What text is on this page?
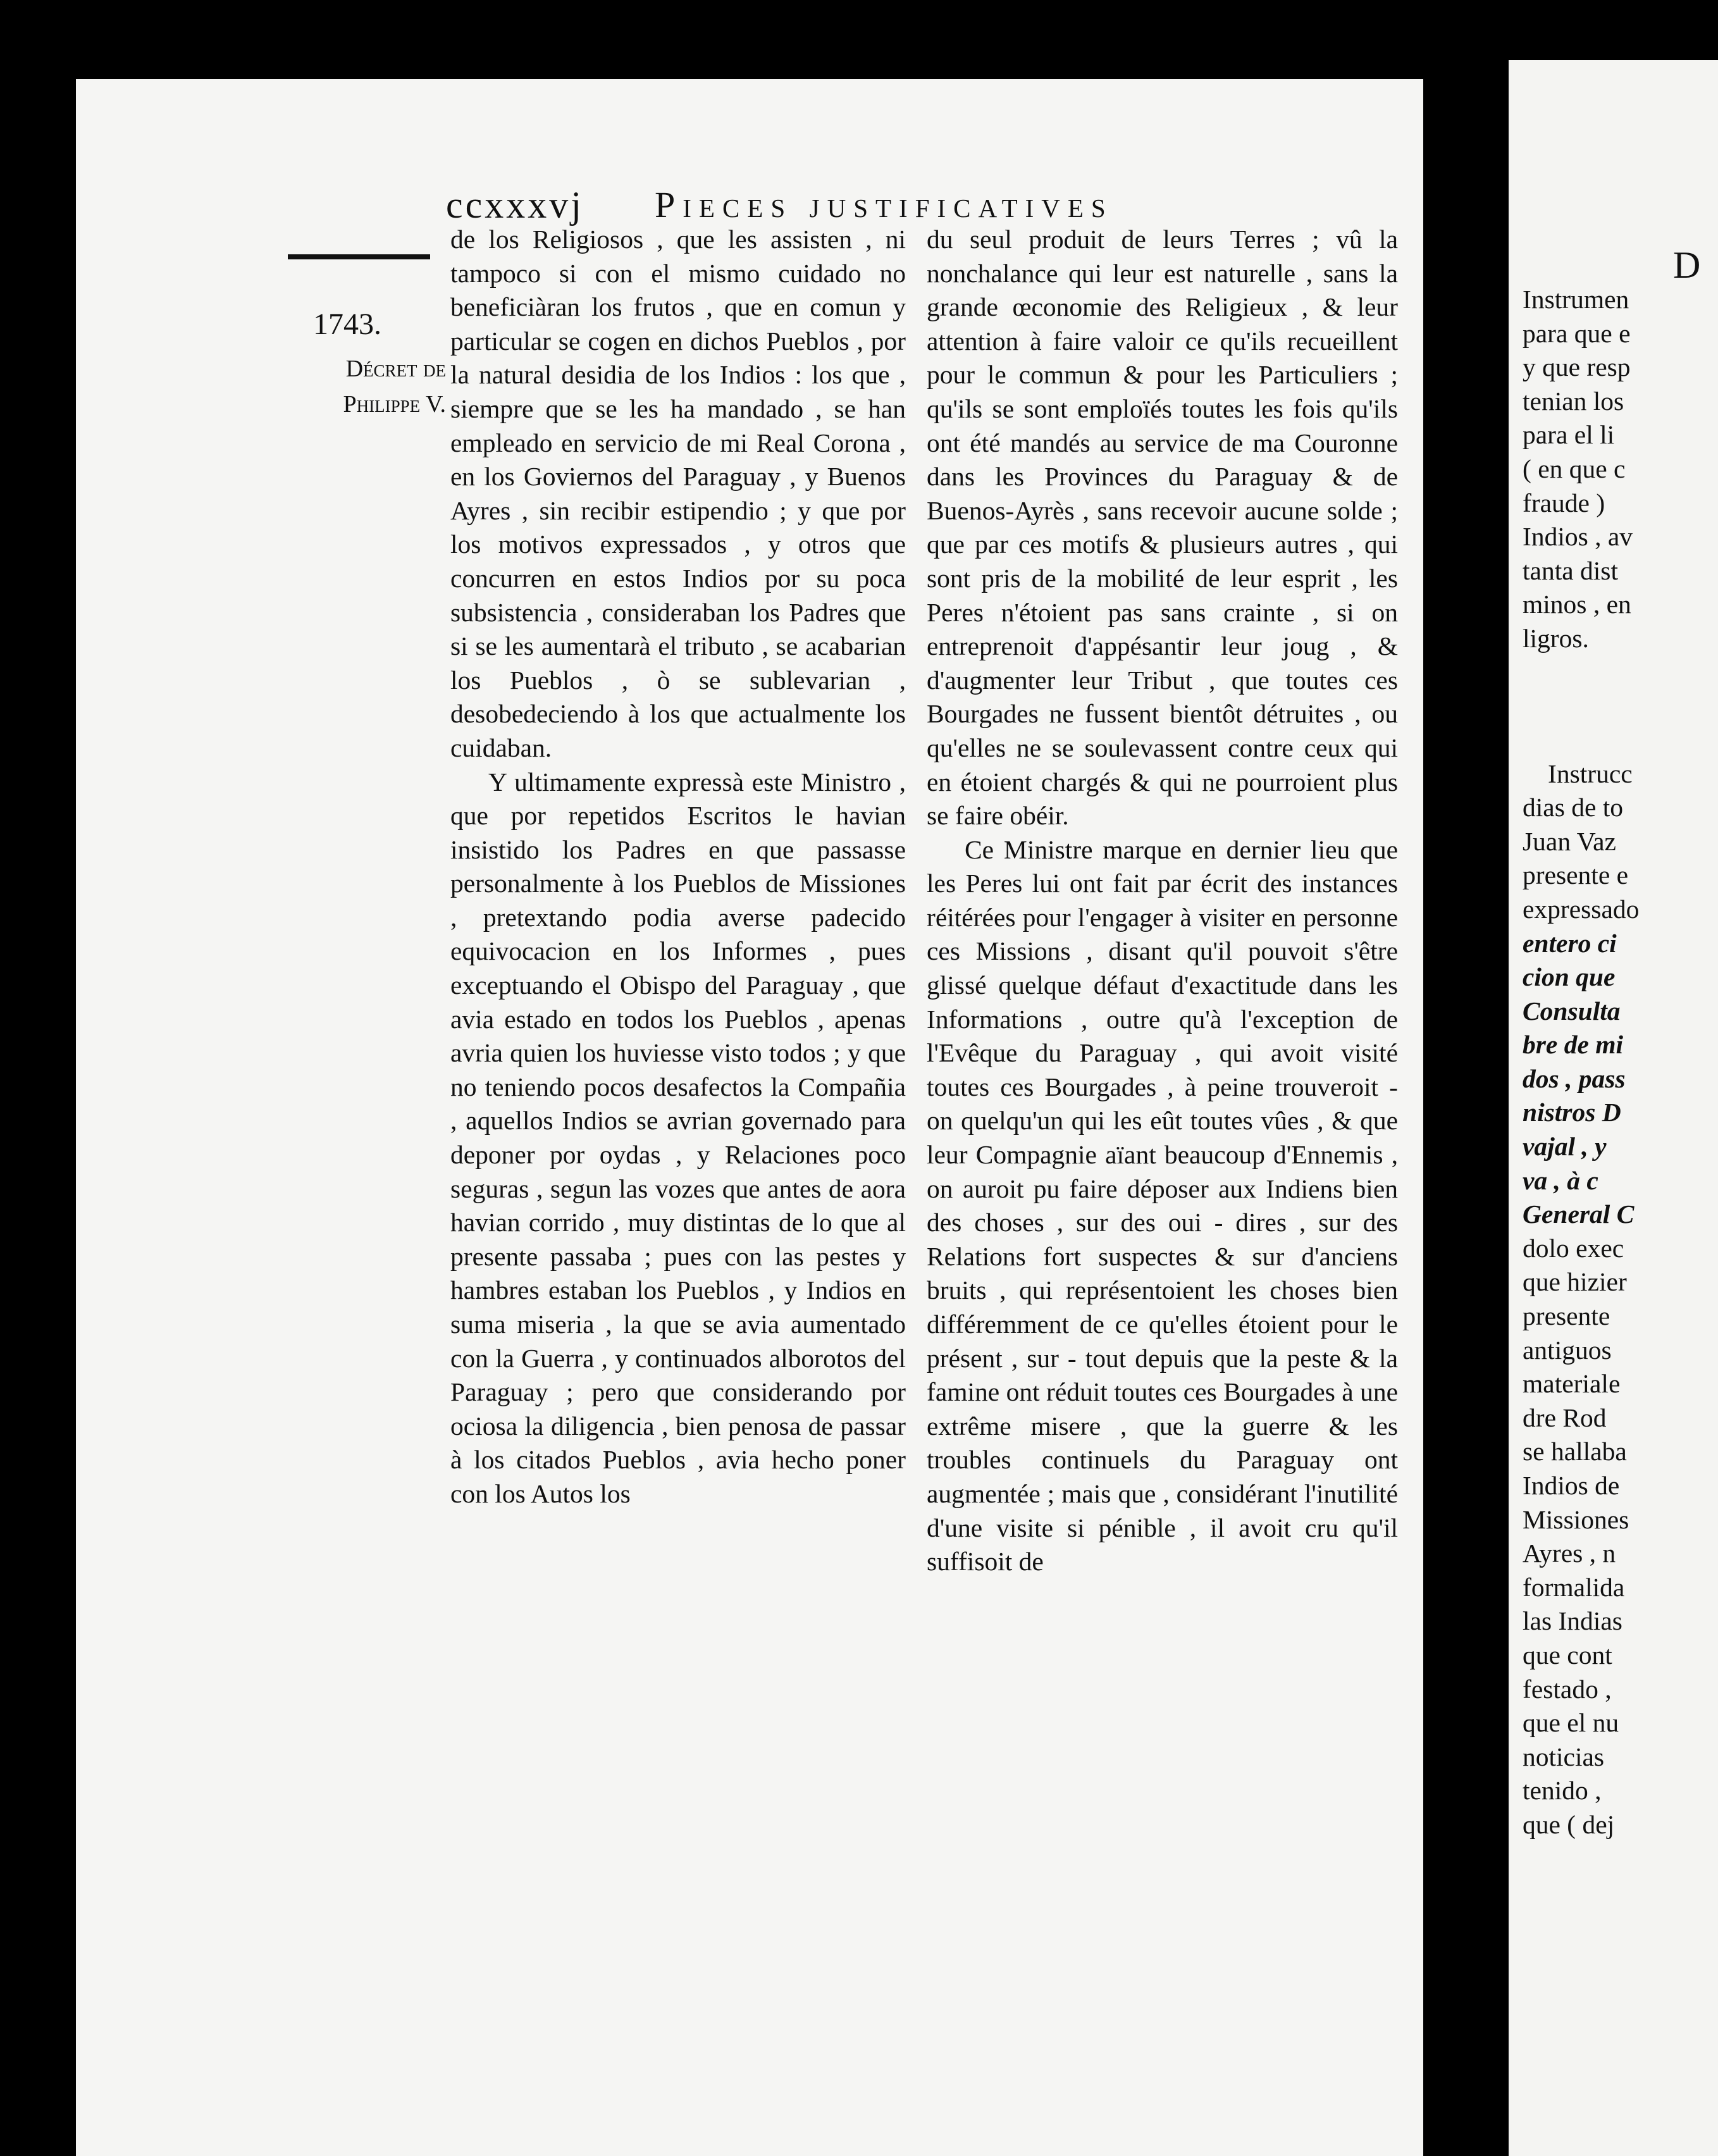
ccxxxvj Pieces justificatives
1743.
Décret de Philippe V.

de los Religiosos , que les assisten , ni tampoco si con el mismo cuidado no beneficiàran los frutos , que en comun y particular se cogen en dichos Pueblos , por la natural desidia de los Indios : los que , siempre que se les ha mandado , se han empleado en servicio de mi Real Corona , en los Goviernos del Paraguay , y Buenos Ayres , sin recibir estipendio ; y que por los motivos expressados , y otros que concurren en estos Indios por su poca subsistencia , consideraban los Padres que si se les aumentarà el tributo , se acabarian los Pueblos , ò se sublevarian , desobedeciendo à los que actualmente los cuidaban.

Y ultimamente expressà este Ministro , que por repetidos Escritos le havian insistido los Padres en que passasse personalmente à los Pueblos de Missiones , pretextando podia averse padecido equivocacion en los Informes , pues exceptuando el Obispo del Paraguay , que avia estado en todos los Pueblos , apenas avria quien los huviesse visto todos ; y que no teniendo pocos desafectos la Compañia , aquellos Indios se avrian governado para deponer por oydas , y Relaciones poco seguras , segun las vozes que antes de aora havian corrido , muy distintas de lo que al presente passaba ; pues con las pestes y hambres estaban los Pueblos , y Indios en suma miseria , la que se avia aumentado con la Guerra , y continuados alborotos del Paraguay ; pero que considerando por ociosa la diligencia , bien penosa de passar à los citados Pueblos , avia hecho poner con los Autos los

du seul produit de leurs Terres ; vû la nonchalance qui leur est naturelle , sans la grande œconomie des Religieux , & leur attention à faire valoir ce qu'ils recueillent pour le commun & pour les Particuliers ; qu'ils se sont emploïés toutes les fois qu'ils ont été mandés au service de ma Couronne dans les Provinces du Paraguay & de Buenos-Ayrès , sans recevoir aucune solde ; que par ces motifs & plusieurs autres , qui sont pris de la mobilité de leur esprit , les Peres n'étoient pas sans crainte , si on entreprenoit d'appésantir leur joug , & d'augmenter leur Tribut , que toutes ces Bourgades ne fussent bientôt détruites , ou qu'elles ne se soulevassent contre ceux qui en étoient chargés & qui ne pourroient plus se faire obéir.

Ce Ministre marque en dernier lieu que les Peres lui ont fait par écrit des instances réitérées pour l'engager à visiter en personne ces Missions , disant qu'il pouvoit s'être glissé quelque défaut d'exactitude dans les Informations , outre qu'à l'exception de l'Evêque du Paraguay , qui avoit visité toutes ces Bourgades , à peine trouveroit - on quelqu'un qui les eût toutes vûes , & que leur Compagnie aïant beaucoup d'Ennemis , on auroit pu faire déposer aux Indiens bien des choses , sur des oui - dires , sur des Relations fort suspectes & sur d'anciens bruits , qui représentoient les choses bien différemment de ce qu'elles étoient pour le présent , sur - tout depuis que la peste & la famine ont réduit toutes ces Bourgades à une extrême misere , que la guerre & les troubles continuels du Paraguay ont augmentée ; mais que , considérant l'inutilité d'une visite si pénible , il avoit cru qu'il suffisoit de

D
Instrumen
para que e
y que resp
tenian los
para el li
( en que c
fraude )
Indios , av
tanta dist
minos , en
ligros.
Instrucc
dias de to
Juan Vaz
presente e
expressado
entero ci
cion que
Consulta
bre de mi
dos , pass
nistros D
vajal , y
va , à c
General C
dolo exec
que hizier
presente
antiguos
materiale
dre Rod
se hallaba
Indios de
Missiones
Ayres , n
formalida
las Indias
que cont
festado ,
que el nu
noticias
tenido ,
que ( dej
